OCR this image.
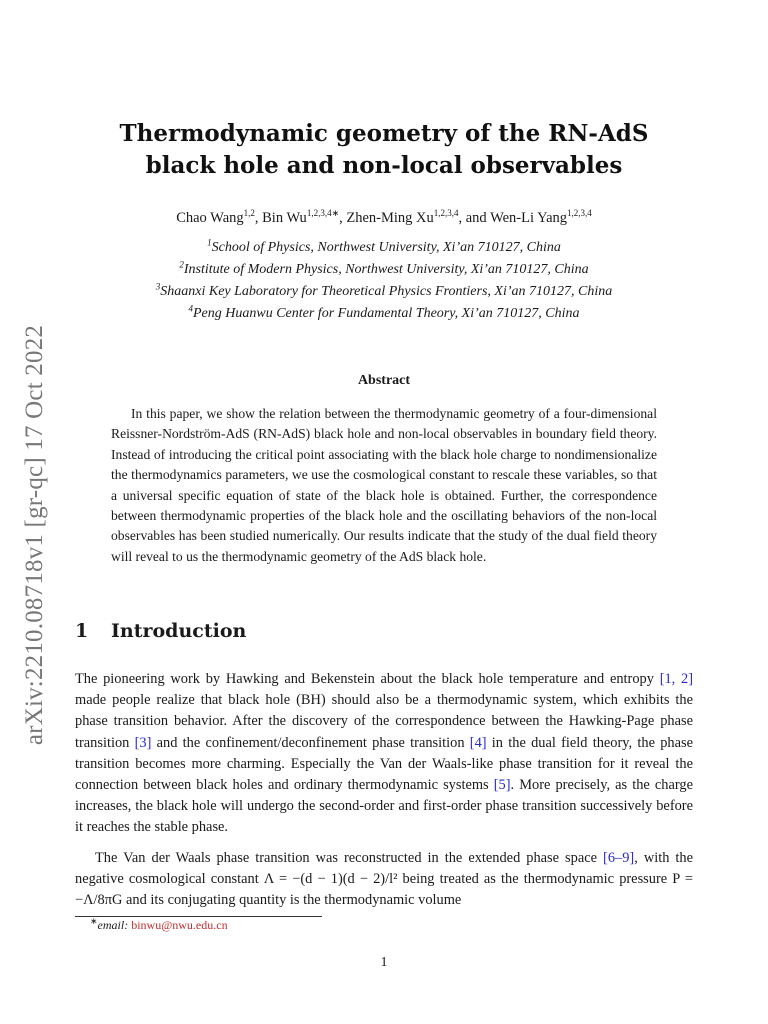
arXiv:2210.08718v1 [gr-qc] 17 Oct 2022
Thermodynamic geometry of the RN-AdS
black hole and non-local observables
Chao Wang$^{1,2}$, Bin $Wu^{1,2,3,4∗}$, Zhen-Ming Xu$^{1,2,3,4}$, and Wen-Li Yang$^{1,2,3,4}$
$^1$School of Physics, Northwest University, Xi’an 710127, China
$^2$Institute of Modern Physics, Northwest University, Xi’an 710127, China
$^3$Shaanxi Key Laboratory for Theoretical Physics Frontiers, Xi’an 710127, China
$^4$Peng Huanwu Center for Fundamental Theory, Xi’an 710127, China
Abstract

In this paper, we show the relation between the thermodynamic geometry of a four-dimensional Reissner-Nordström-AdS (RN-AdS) black hole and non-local observables in boundary field theory. Instead of introducing the critical point associating with the black hole charge to nondimensionalize the thermodynamics parameters, we use the cosmological constant to rescale these variables, so that a universal specific equation of state of the black hole is obtained. Further, the correspondence between thermodynamic properties of the black hole and the oscillating behaviors of the non-local observables has been studied numerically. Our results indicate that the study of the dual field theory will reveal to us the thermodynamic geometry of the AdS black hole.

1 Introduction

The pioneering work by Hawking and Bekenstein about the black hole temperature and entropy [1, 2] made people realize that black hole (BH) should also be a thermodynamic system, which exhibits the phase transition behavior. After the discovery of the correspondence between the Hawking-Page phase transition [3] and the confinement/deconfinement phase transition [4] in the dual field theory, the phase transition becomes more charming. Especially the Van der Waals-like phase transition for it reveal the connection between black holes and ordinary thermodynamic systems [5]. More precisely, as the charge increases, the black hole will undergo the second-order and first-order phase transition successively before it reaches the stable phase.

The Van der Waals phase transition was reconstructed in the extended phase space [6–9], with the negative cosmological constant Λ = −(d − 1)(d − 2)/l² being treated as the thermodynamic pressure P = −Λ/8πG and its conjugating quantity is the thermodynamic volume

∗email: binwu@nwu.edu.cn
1
